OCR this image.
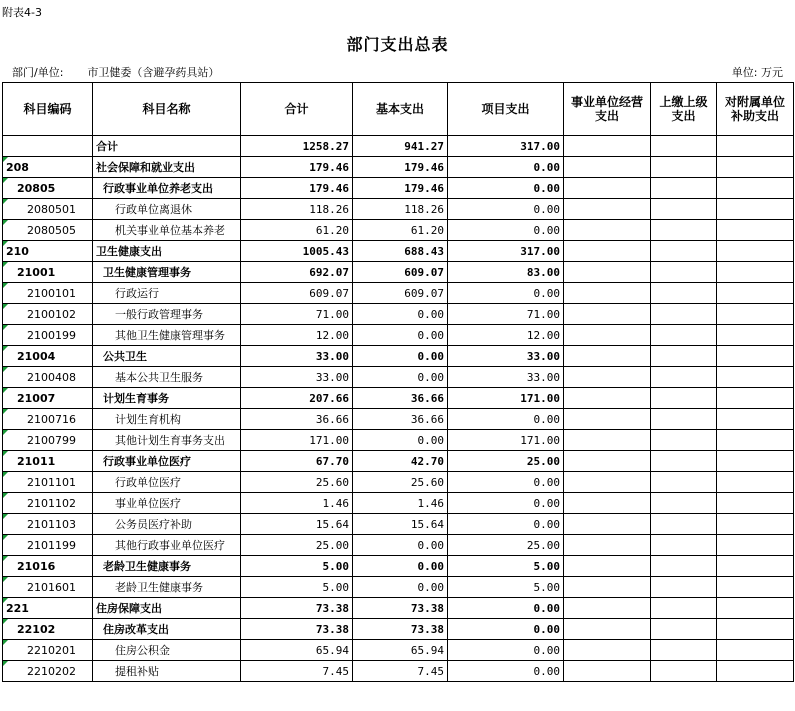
附表4-3
部门支出总表
部门/单位: 市卫健委（含避孕药具站）	单位: 万元
科目编码	科目名称	合计	基本支出	项目支出	事业单位经营支出	上缴上级支出	对附属单位补助支出
	合计	1258.27	941.27	317.00			
208	社会保障和就业支出	179.46	179.46	0.00			
20805	行政事业单位养老支出	179.46	179.46	0.00			
2080501	行政单位离退休	118.26	118.26	0.00			
2080505	机关事业单位基本养老	61.20	61.20	0.00			
210	卫生健康支出	1005.43	688.43	317.00			
21001	卫生健康管理事务	692.07	609.07	83.00			
2100101	行政运行	609.07	609.07	0.00			
2100102	一般行政管理事务	71.00	0.00	71.00			
2100199	其他卫生健康管理事务	12.00	0.00	12.00			
21004	公共卫生	33.00	0.00	33.00			
2100408	基本公共卫生服务	33.00	0.00	33.00			
21007	计划生育事务	207.66	36.66	171.00			
2100716	计划生育机构	36.66	36.66	0.00			
2100799	其他计划生育事务支出	171.00	0.00	171.00			
21011	行政事业单位医疗	67.70	42.70	25.00			
2101101	行政单位医疗	25.60	25.60	0.00			
2101102	事业单位医疗	1.46	1.46	0.00			
2101103	公务员医疗补助	15.64	15.64	0.00			
2101199	其他行政事业单位医疗	25.00	0.00	25.00			
21016	老龄卫生健康事务	5.00	0.00	5.00			
2101601	老龄卫生健康事务	5.00	0.00	5.00			
221	住房保障支出	73.38	73.38	0.00			
22102	住房改革支出	73.38	73.38	0.00			
2210201	住房公积金	65.94	65.94	0.00			
2210202	提租补贴	7.45	7.45	0.00			
